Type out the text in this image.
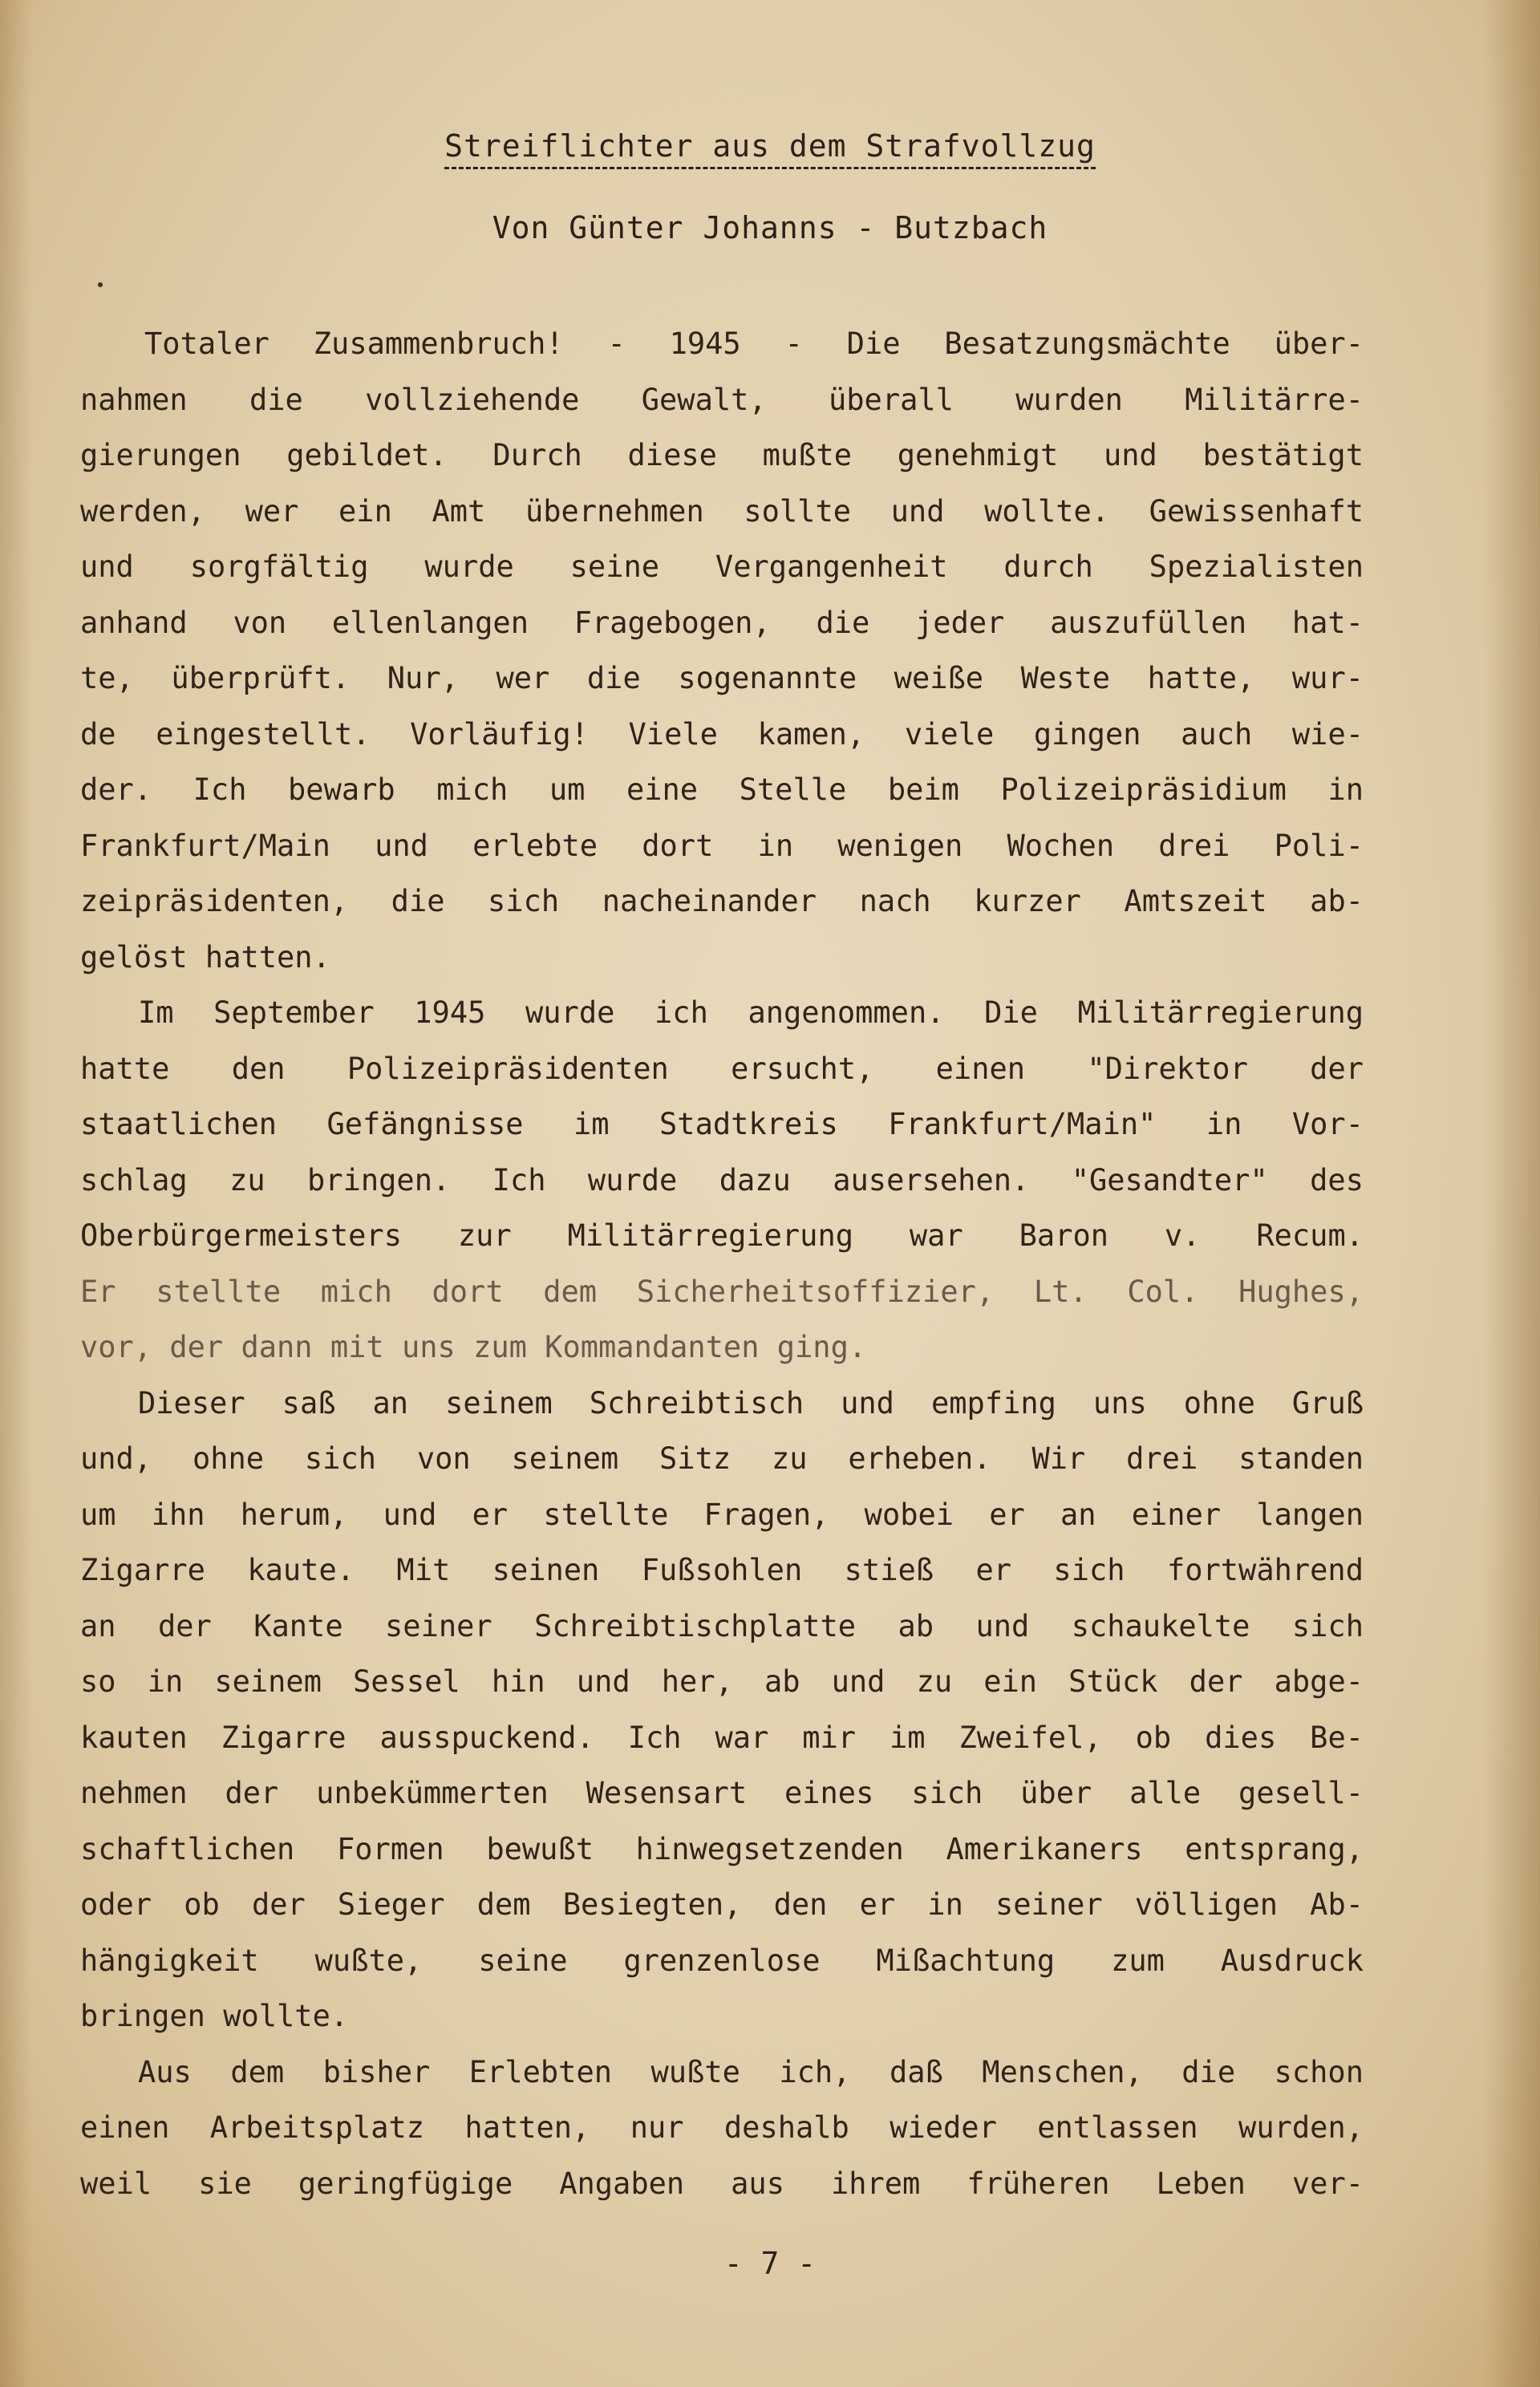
Streiflichter aus dem Strafvollzug
Von Günter Johanns - Butzbach
Totaler Zusammenbruch! - 1945 - Die Besatzungsmächte über-
nahmen die vollziehende Gewalt, überall wurden Militärre-
gierungen gebildet. Durch diese mußte genehmigt und bestätigt
werden, wer ein Amt übernehmen sollte und wollte. Gewissenhaft
und sorgfältig wurde seine Vergangenheit durch Spezialisten
anhand von ellenlangen Fragebogen, die jeder auszufüllen hat-
te, überprüft. Nur, wer die sogenannte weiße Weste hatte, wur-
de eingestellt. Vorläufig! Viele kamen, viele gingen auch wie-
der. Ich bewarb mich um eine Stelle beim Polizeipräsidium in
Frankfurt/Main und erlebte dort in wenigen Wochen drei Poli-
zeipräsidenten, die sich nacheinander nach kurzer Amtszeit ab-
gelöst hatten.
Im September 1945 wurde ich angenommen. Die Militärregierung
hatte den Polizeipräsidenten ersucht, einen "Direktor der
staatlichen Gefängnisse im Stadtkreis Frankfurt/Main" in Vor-
schlag zu bringen. Ich wurde dazu ausersehen. "Gesandter" des
Oberbürgermeisters zur Militärregierung war Baron v. Recum.
Er stellte mich dort dem Sicherheitsoffizier, Lt. Col. Hughes,
vor, der dann mit uns zum Kommandanten ging.
Dieser saß an seinem Schreibtisch und empfing uns ohne Gruß
und, ohne sich von seinem Sitz zu erheben. Wir drei standen
um ihn herum, und er stellte Fragen, wobei er an einer langen
Zigarre kaute. Mit seinen Fußsohlen stieß er sich fortwährend
an der Kante seiner Schreibtischplatte ab und schaukelte sich
so in seinem Sessel hin und her, ab und zu ein Stück der abge-
kauten Zigarre ausspuckend. Ich war mir im Zweifel, ob dies Be-
nehmen der unbekümmerten Wesensart eines sich über alle gesell-
schaftlichen Formen bewußt hinwegsetzenden Amerikaners entsprang,
oder ob der Sieger dem Besiegten, den er in seiner völligen Ab-
hängigkeit wußte, seine grenzenlose Mißachtung zum Ausdruck
bringen wollte.
Aus dem bisher Erlebten wußte ich, daß Menschen, die schon
einen Arbeitsplatz hatten, nur deshalb wieder entlassen wurden,
weil sie geringfügige Angaben aus ihrem früheren Leben ver-
- 7 -
